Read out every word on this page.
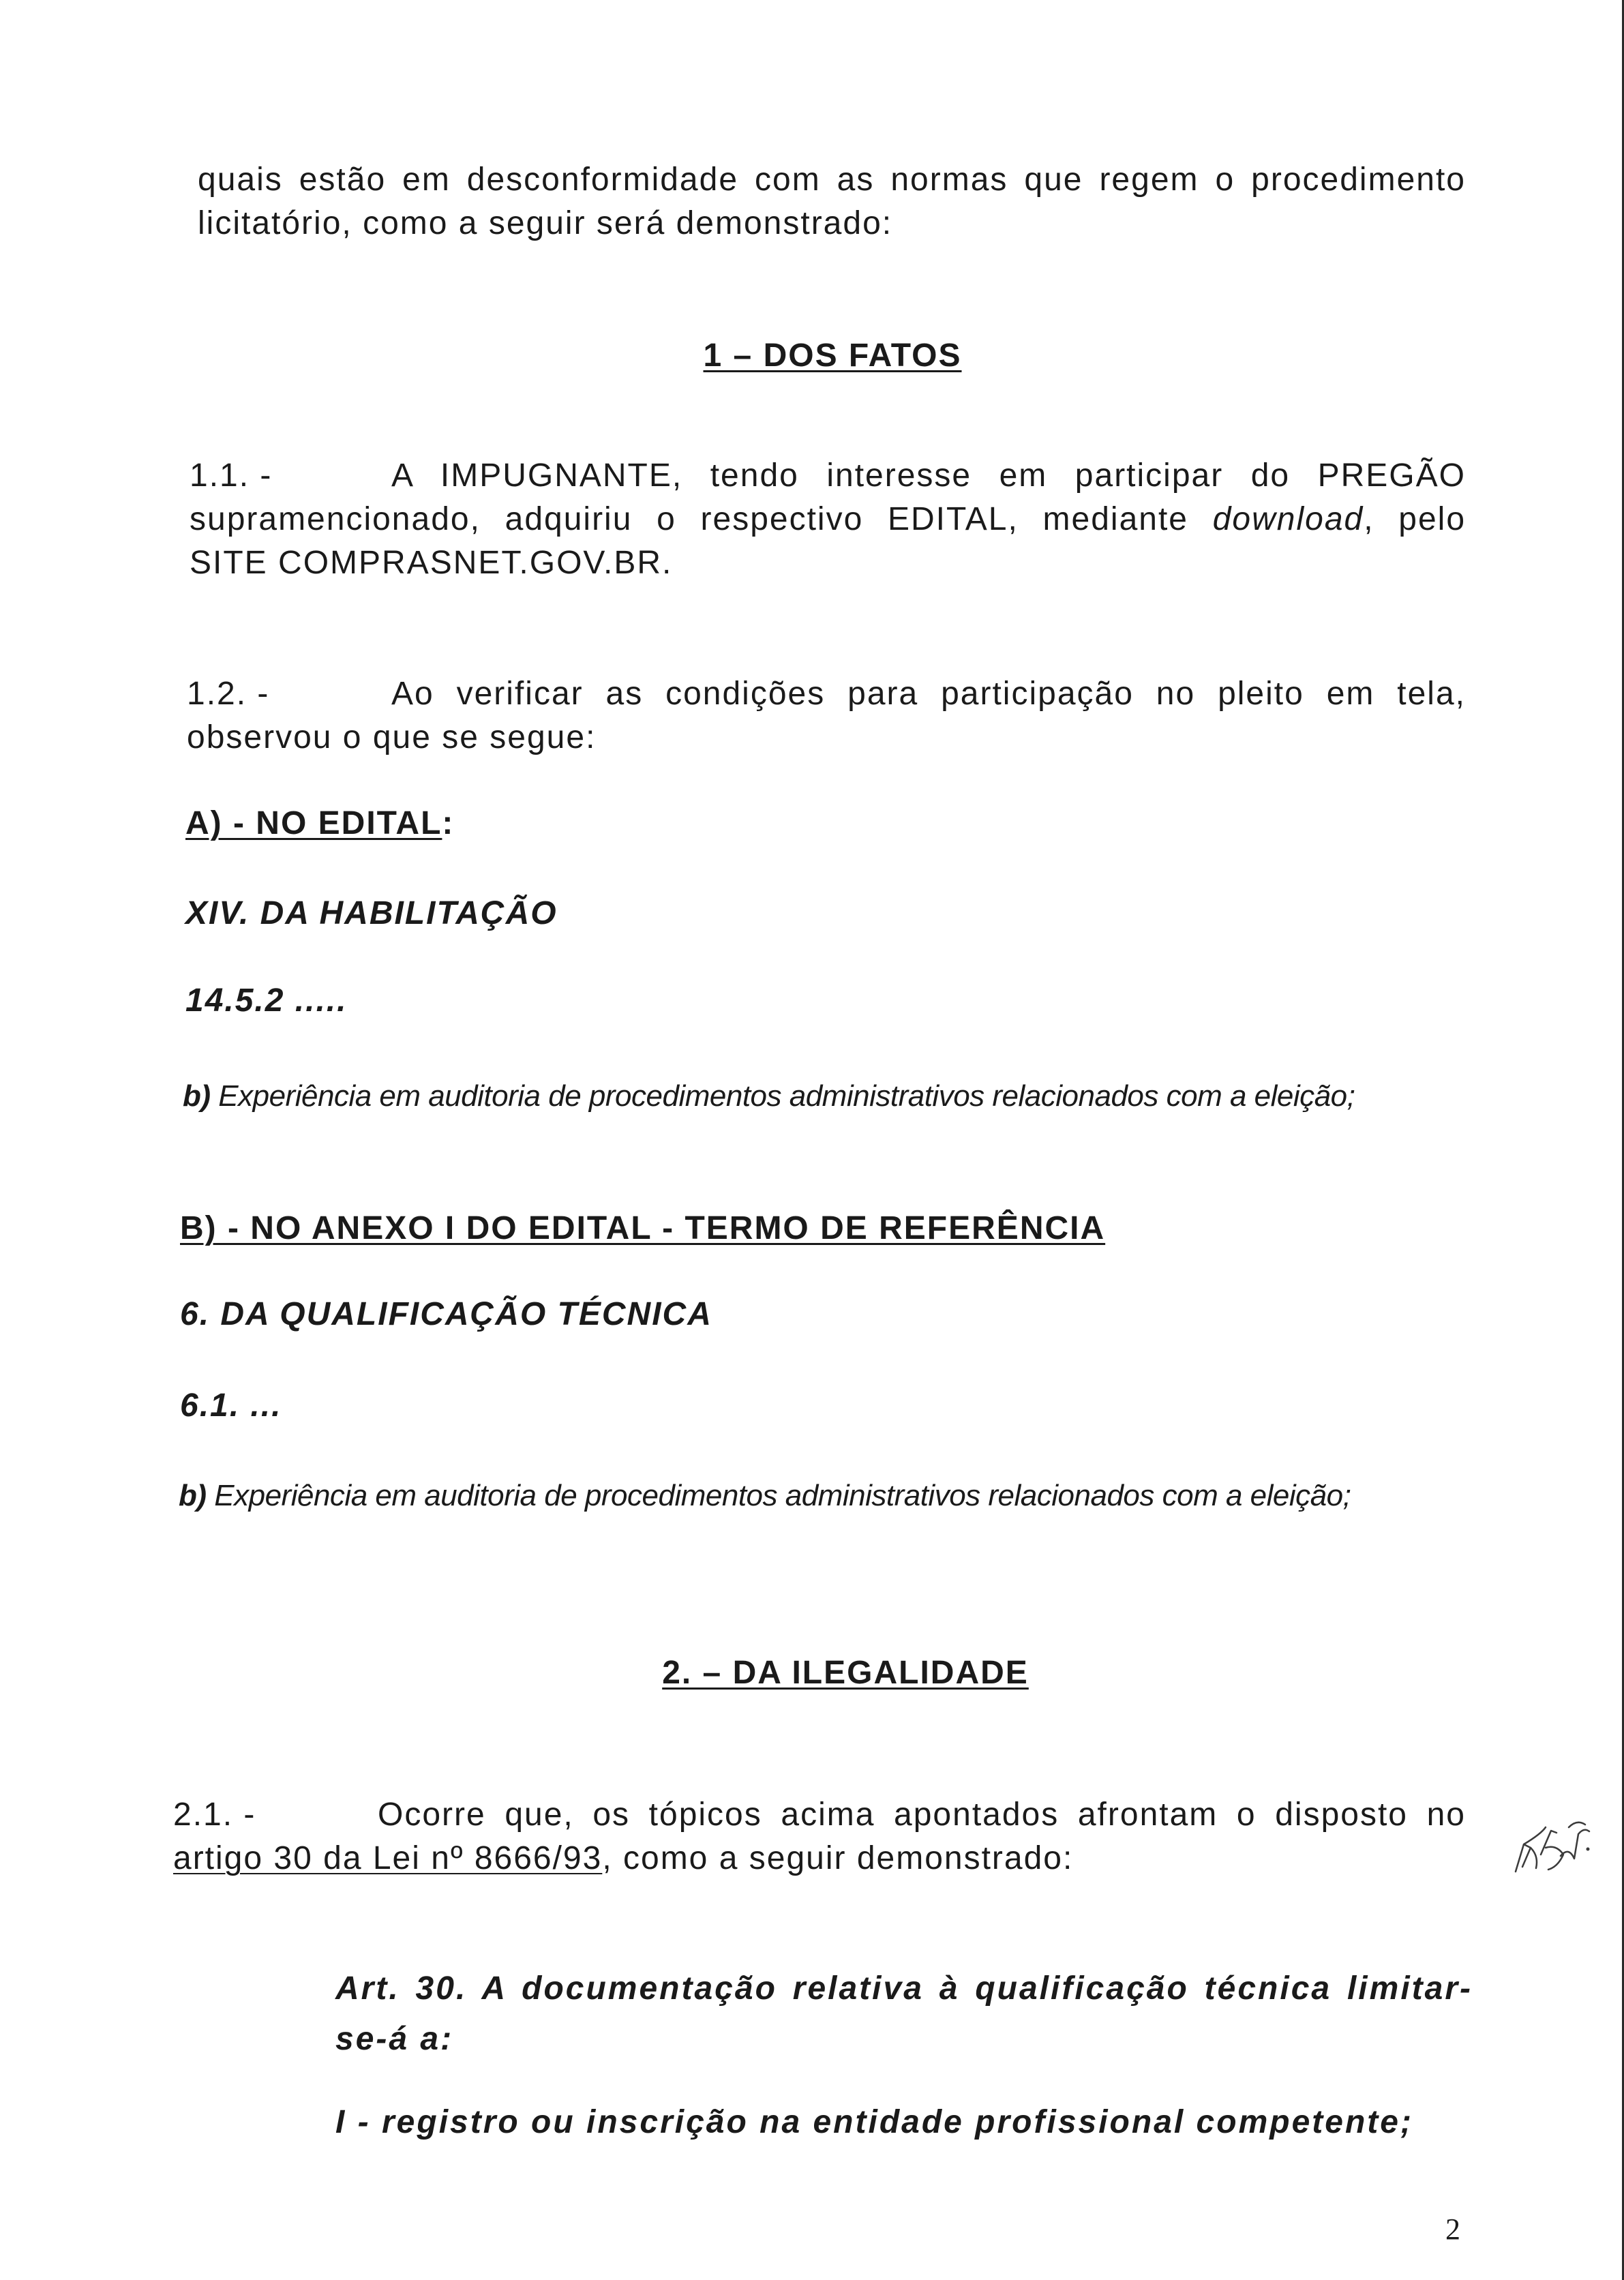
quais estão em desconformidade com as normas que regem o procedimento

licitatório, como a seguir será demonstrado:

1 – DOS FATOS

1.1. -	A IMPUGNANTE, tendo interesse em participar do PREGÃO
supramencionado, adquiriu o respectivo EDITAL, mediante download, pelo
SITE COMPRASNET.GOV.BR.
1.2. -	Ao verificar as condições para participação no pleito em tela,
observou o que se segue:

A) - NO EDITAL:

XIV. DA HABILITAÇÃO

14.5.2 .....

b) Experiência em auditoria de procedimentos administrativos relacionados com a eleição;

B) - NO ANEXO I DO EDITAL - TERMO DE REFERÊNCIA

6. DA QUALIFICAÇÃO TÉCNICA

6.1. ...

b) Experiência em auditoria de procedimentos administrativos relacionados com a eleição;

2. – DA ILEGALIDADE

2.1. -	Ocorre que, os tópicos acima apontados afrontam o disposto no
artigo 30 da Lei nº 8666/93, como a seguir demonstrado:
Art. 30. A documentação relativa à qualificação técnica limitar-
se-á a:

I - registro ou inscrição na entidade profissional competente;

2
